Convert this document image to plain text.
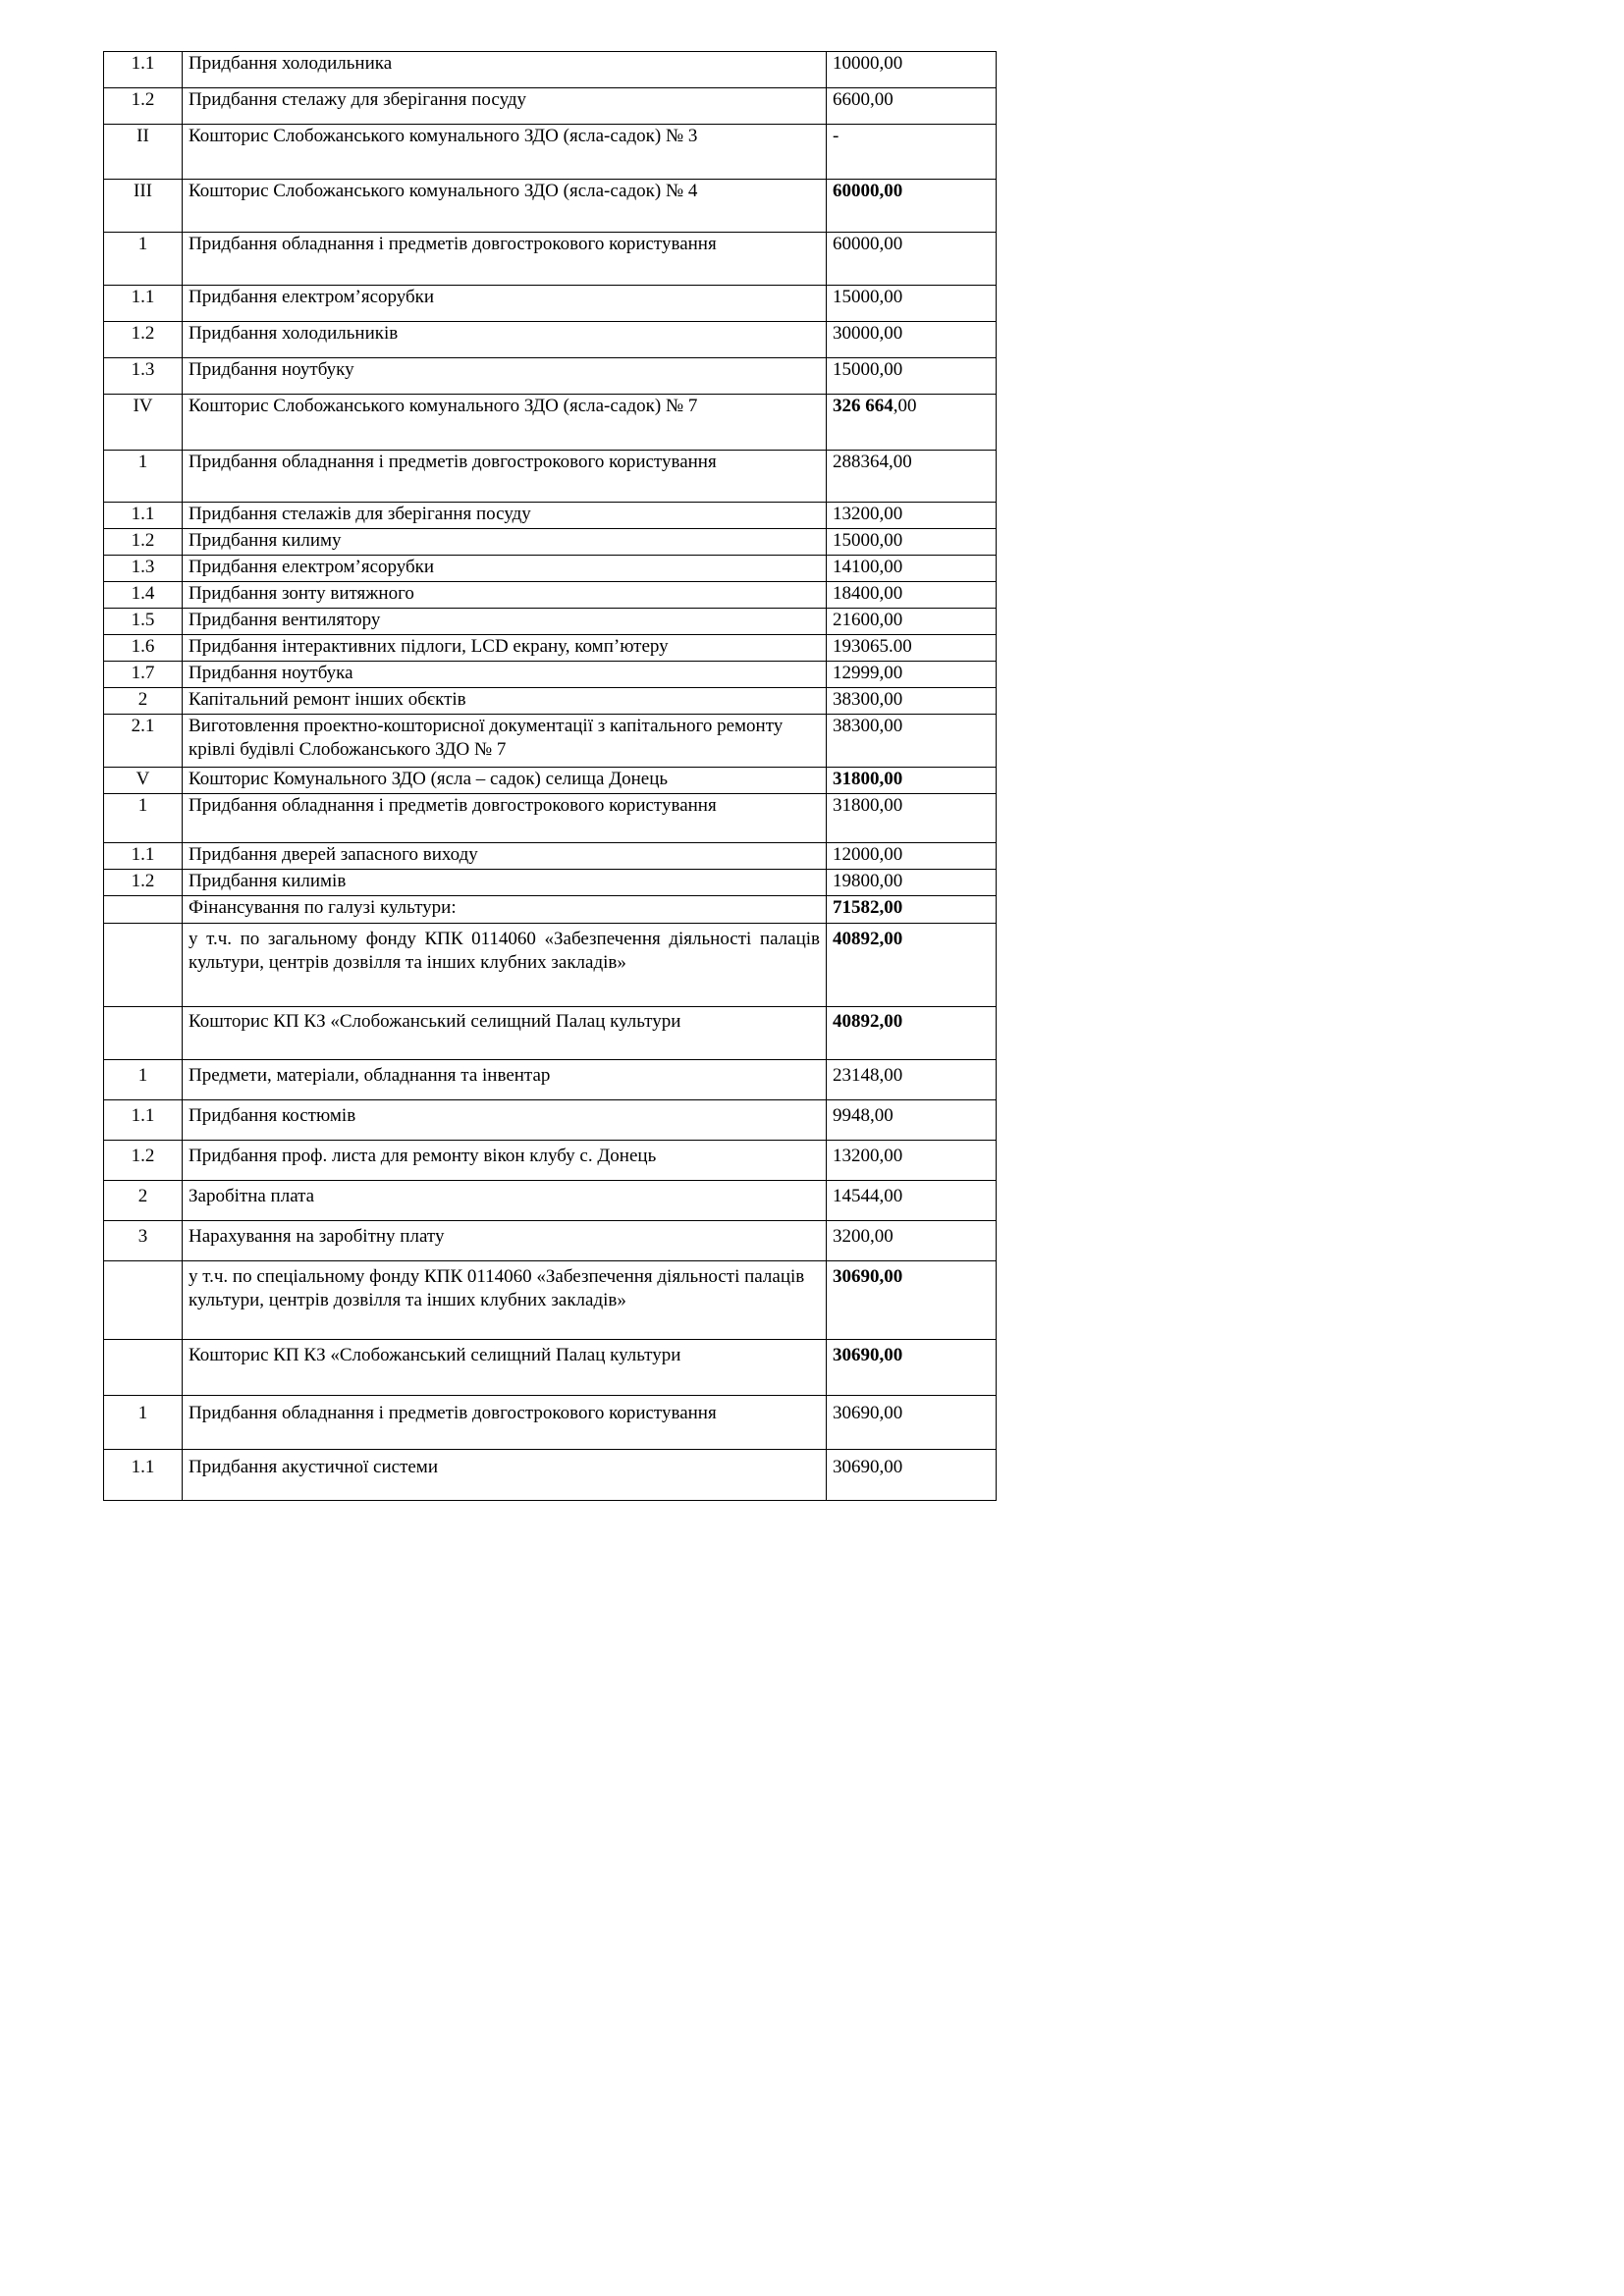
1.1	Придбання холодильника	10000,00
1.2	Придбання стелажу для зберігання посуду	6600,00
II	Кошторис Слобожанського комунального ЗДО (ясла-садок) № 3	-
III	Кошторис Слобожанського комунального ЗДО (ясла-садок) № 4	60000,00
1	Придбання обладнання і предметів довгострокового користування	60000,00
1.1	Придбання електром’ясорубки	15000,00
1.2	Придбання холодильників	30000,00
1.3	Придбання ноутбуку	15000,00
IV	Кошторис Слобожанського комунального ЗДО (ясла-садок) № 7	326 664,00
1	Придбання обладнання і предметів довгострокового користування	288364,00
1.1	Придбання стелажів для зберігання посуду	13200,00
1.2	Придбання килиму	15000,00
1.3	Придбання електром’ясорубки	14100,00
1.4	Придбання зонту витяжного	18400,00
1.5	Придбання вентилятору	21600,00
1.6	Придбання інтерактивних підлоги, LCD екрану, комп’ютеру	193065.00
1.7	Придбання ноутбука	12999,00
2	Капітальний ремонт інших обєктів	38300,00
2.1	Виготовлення проектно-кошторисної документації з капітального ремонту крівлі будівлі Слобожанського ЗДО № 7	38300,00
V	Кошторис Комунального ЗДО (ясла – садок) селища Донець	31800,00
1	Придбання обладнання і предметів довгострокового користування	31800,00
1.1	Придбання дверей запасного виходу	12000,00
1.2	Придбання килимів	19800,00
	Фінансування по галузі культури:	71582,00
	у т.ч. по загальному фонду КПК 0114060 «Забезпечення діяльності палаців культури, центрів дозвілля та інших клубних закладів»	40892,00
	Кошторис КП КЗ «Слобожанський селищний Палац культури	40892,00
1	Предмети, матеріали, обладнання та інвентар	23148,00
1.1	Придбання костюмів	9948,00
1.2	Придбання проф. листа для ремонту вікон клубу с. Донець	13200,00
2	Заробітна плата	14544,00
3	Нарахування на заробітну плату	3200,00
	у т.ч. по спеціальному фонду КПК 0114060 «Забезпечення діяльності палаців культури, центрів дозвілля та інших клубних закладів»	30690,00
	Кошторис КП КЗ «Слобожанський селищний Палац культури	30690,00
1	Придбання обладнання і предметів довгострокового користування	30690,00
1.1	Придбання акустичної системи	30690,00
